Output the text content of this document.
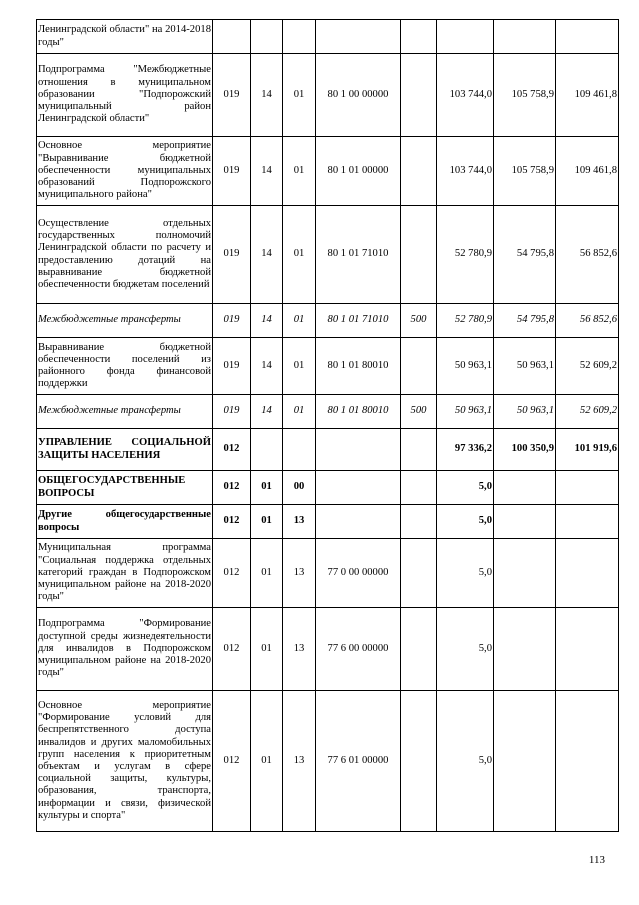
Ленинградской области" на 2014-2018 годы"								
Подпрограмма "Межбюджетные отношения в муниципальном образовании "Подпорожский муниципальный район Ленинградской области"	019	14	01	80 1 00 00000		103 744,0	105 758,9	109 461,8
Основное мероприятие "Выравнивание бюджетной обеспеченности муниципальных образований Подпорожского муниципального района"	019	14	01	80 1 01 00000		103 744,0	105 758,9	109 461,8
Осуществление отдельных государственных полномочий Ленинградской области по расчету и предоставлению дотаций на выравнивание бюджетной обеспеченности бюджетам поселений	019	14	01	80 1 01 71010		52 780,9	54 795,8	56 852,6
Межбюджетные трансферты	019	14	01	80 1 01 71010	500	52 780,9	54 795,8	56 852,6
Выравнивание бюджетной обеспеченности поселений из районного фонда финансовой поддержки	019	14	01	80 1 01 80010		50 963,1	50 963,1	52 609,2
Межбюджетные трансферты	019	14	01	80 1 01 80010	500	50 963,1	50 963,1	52 609,2
УПРАВЛЕНИЕ СОЦИАЛЬНОЙ ЗАЩИТЫ НАСЕЛЕНИЯ	012					97 336,2	100 350,9	101 919,6
ОБЩЕГОСУДАРСТВЕННЫЕ ВОПРОСЫ	012	01	00			5,0		
Другие общегосударственные вопросы	012	01	13			5,0		
Муниципальная программа "Социальная поддержка отдельных категорий граждан в Подпорожском муниципальном районе на 2018-2020 годы"	012	01	13	77 0 00 00000		5,0		
Подпрограмма "Формирование доступной среды жизнедеятельности для инвалидов в Подпорожском муниципальном районе на 2018-2020 годы"	012	01	13	77 6 00 00000		5,0		
Основное мероприятие "Формирование условий для беспрепятственного доступа инвалидов и других маломобильных групп населения к приоритетным объектам и услугам в сфере социальной защиты, культуры, образования, транспорта, информации и связи, физической культуры и спорта"	012	01	13	77 6 01 00000		5,0		
113
